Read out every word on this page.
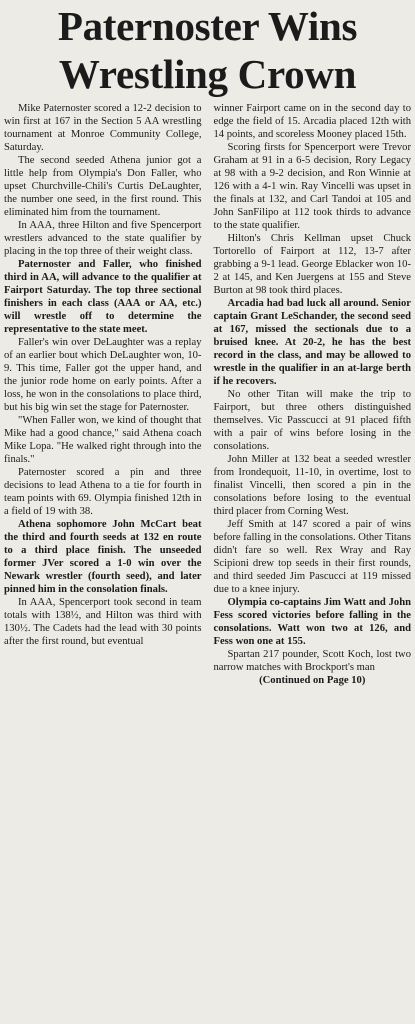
Paternoster Wins
Wrestling Crown

Mike Paternoster scored a 12-2 decision to win first at 167 in the Section 5 AA wrestling tournament at Monroe Community College, Saturday.

The second seeded Athena junior got a little help from Olympia's Don Faller, who upset Churchville-Chili's Curtis DeLaughter, the number one seed, in the first round. This eliminated him from the tournament.

In AAA, three Hilton and five Spencerport wrestlers advanced to the state qualifier by placing in the top three of their weight class.

Paternoster and Faller, who finished third in AA, will advance to the qualifier at Fairport Saturday. The top three sectional finishers in each class (AAA or AA, etc.) will wrestle off to determine the representative to the state meet.

Faller's win over DeLaughter was a replay of an earlier bout which DeLaughter won, 10-9. This time, Faller got the upper hand, and the junior rode home on early points. After a loss, he won in the consolations to place third, but his big win set the stage for Paternoster.

"When Faller won, we kind of thought that Mike had a good chance," said Athena coach Mike Lopa. "He walked right through into the finals."

Paternoster scored a pin and three decisions to lead Athena to a tie for fourth in team points with 69. Olympia finished 12th in a field of 19 with 38.

Athena sophomore John McCart beat the third and fourth seeds at 132 en route to a third place finish. The unseeded former JVer scored a 1-0 win over the Newark wrestler (fourth seed), and later pinned him in the consolation finals.

In AAA, Spencerport took second in team totals with 138½, and Hilton was third with 130½. The Cadets had the lead with 30 points after the first round, but eventual

winner Fairport came on in the second day to edge the field of 15. Arcadia placed 12th with 14 points, and scoreless Mooney placed 15th.

Scoring firsts for Spencerport were Trevor Graham at 91 in a 6-5 decision, Rory Legacy at 98 with a 9-2 decision, and Ron Winnie at 126 with a 4-1 win. Ray Vincelli was upset in the finals at 132, and Carl Tandoi at 105 and John SanFilipo at 112 took thirds to advance to the state qualifier.

Hilton's Chris Kellman upset Chuck Tortorello of Fairport at 112, 13-7 after grabbing a 9-1 lead. George Eblacker won 10-2 at 145, and Ken Juergens at 155 and Steve Burton at 98 took third places.

Arcadia had bad luck all around. Senior captain Grant LeSchander, the second seed at 167, missed the sectionals due to a bruised knee. At 20-2, he has the best record in the class, and may be allowed to wrestle in the qualifier in an at-large berth if he recovers.

No other Titan will make the trip to Fairport, but three others distinguished themselves. Vic Passcucci at 91 placed fifth with a pair of wins before losing in the consolations.

John Miller at 132 beat a seeded wrestler from Irondequoit, 11-10, in overtime, lost to finalist Vincelli, then scored a pin in the consolations before losing to the eventual third placer from Corning West.

Jeff Smith at 147 scored a pair of wins before falling in the consolations. Other Titans didn't fare so well. Rex Wray and Ray Scipioni drew top seeds in their first rounds, and third seeded Jim Pascucci at 119 missed due to a knee injury.

Olympia co-captains Jim Watt and John Fess scored victories before falling in the consolations. Watt won two at 126, and Fess won one at 155.

Spartan 217 pounder, Scott Koch, lost two narrow matches with Brockport's man

(Continued on Page 10)
